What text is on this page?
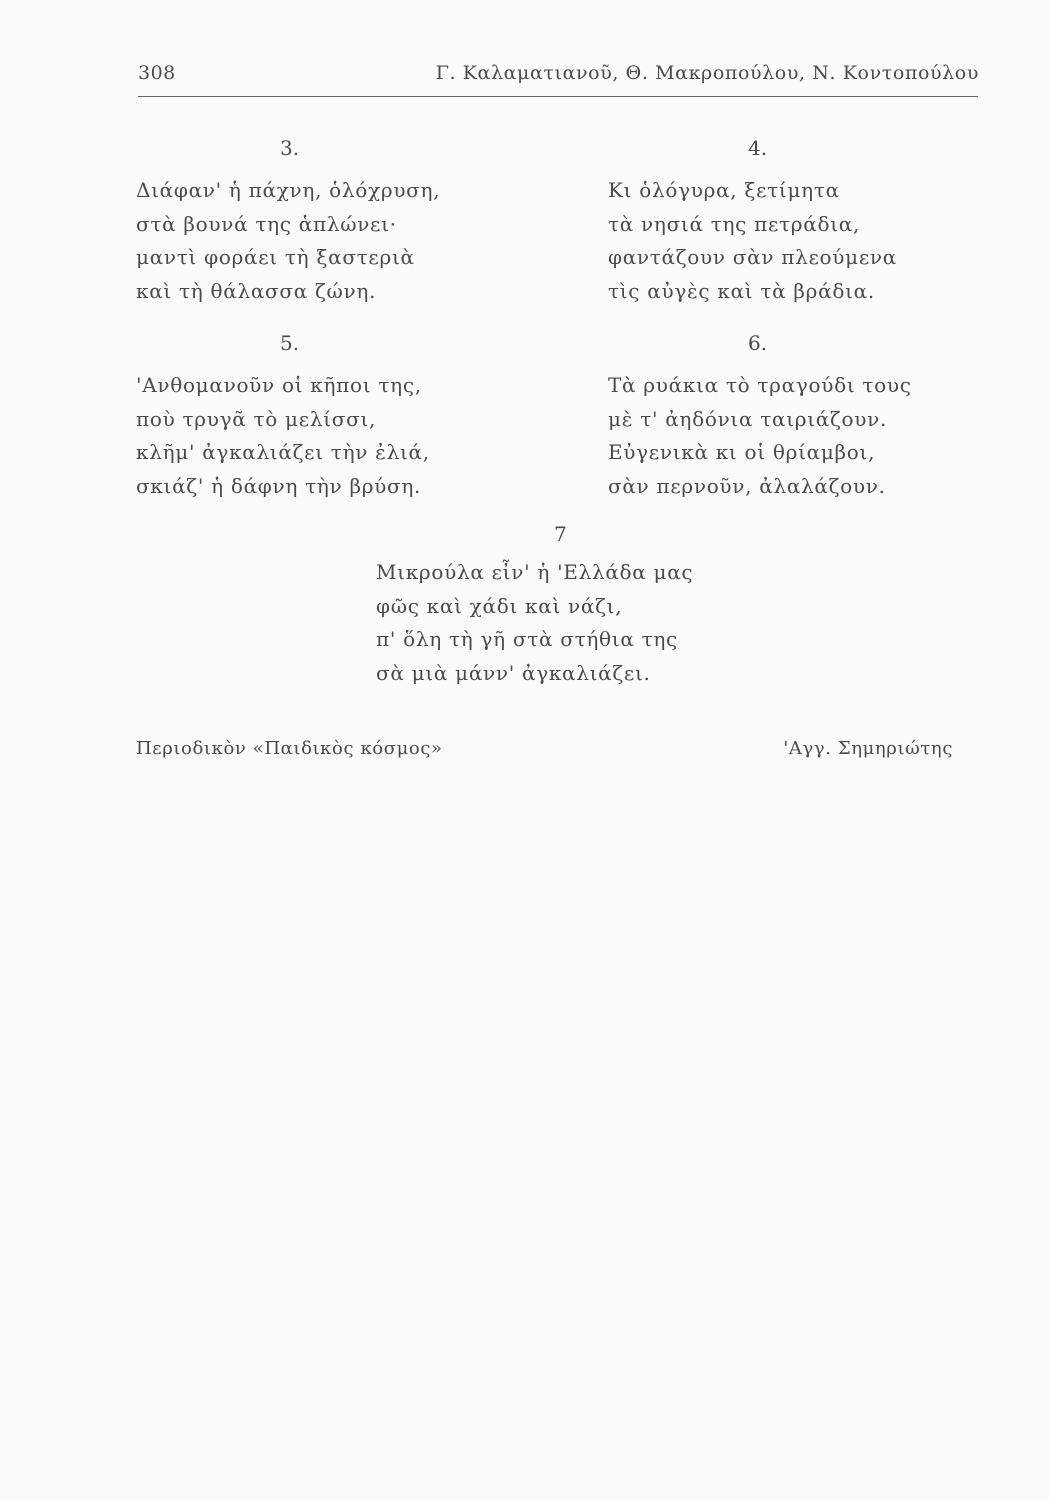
308	Γ. Καλαματιανοῦ, Θ. Μακροπούλου, Ν. Κοντοπούλου
3.
Διάφαν' ἡ πάχνη, ὁλόχρυση,
στὰ βουνά της ἁπλώνει·
μαντὶ φοράει τὴ ξαστεριὰ
καὶ τὴ θάλασσα ζώνη.
4.
Κι ὁλόγυρα, ξετίμητα
τὰ νησιά της πετράδια,
φαντάζουν σὰν πλεούμενα
τὶς αὐγὲς καὶ τὰ βράδια.
5.
'Ανθομανοῦν οἱ κῆποι της,
ποὺ τρυγᾶ τὸ μελίσσι,
κλῆμ' ἀγκαλιάζει τὴν ἐλιά,
σκιάζ' ἡ δάφνη τὴν βρύση.
6.
Τὰ ρυάκια τὸ τραγούδι τους
μὲ τ' ἀηδόνια ταιριάζουν.
Εὐγενικὰ κι οἱ θρίαμβοι,
σὰν περνοῦν, ἀλαλάζουν.
7
Μικρούλα εἶν' ἡ 'Ελλάδα μας
φῶς καὶ χάδι καὶ νάζι,
π' ὅλη τὴ γῆ στὰ στήθια της
σὰ μιὰ μάνν' ἀγκαλιάζει.
Περιοδικὸν «Παιδικὸς κόσμος»	'Αγγ. Σημηριώτης
